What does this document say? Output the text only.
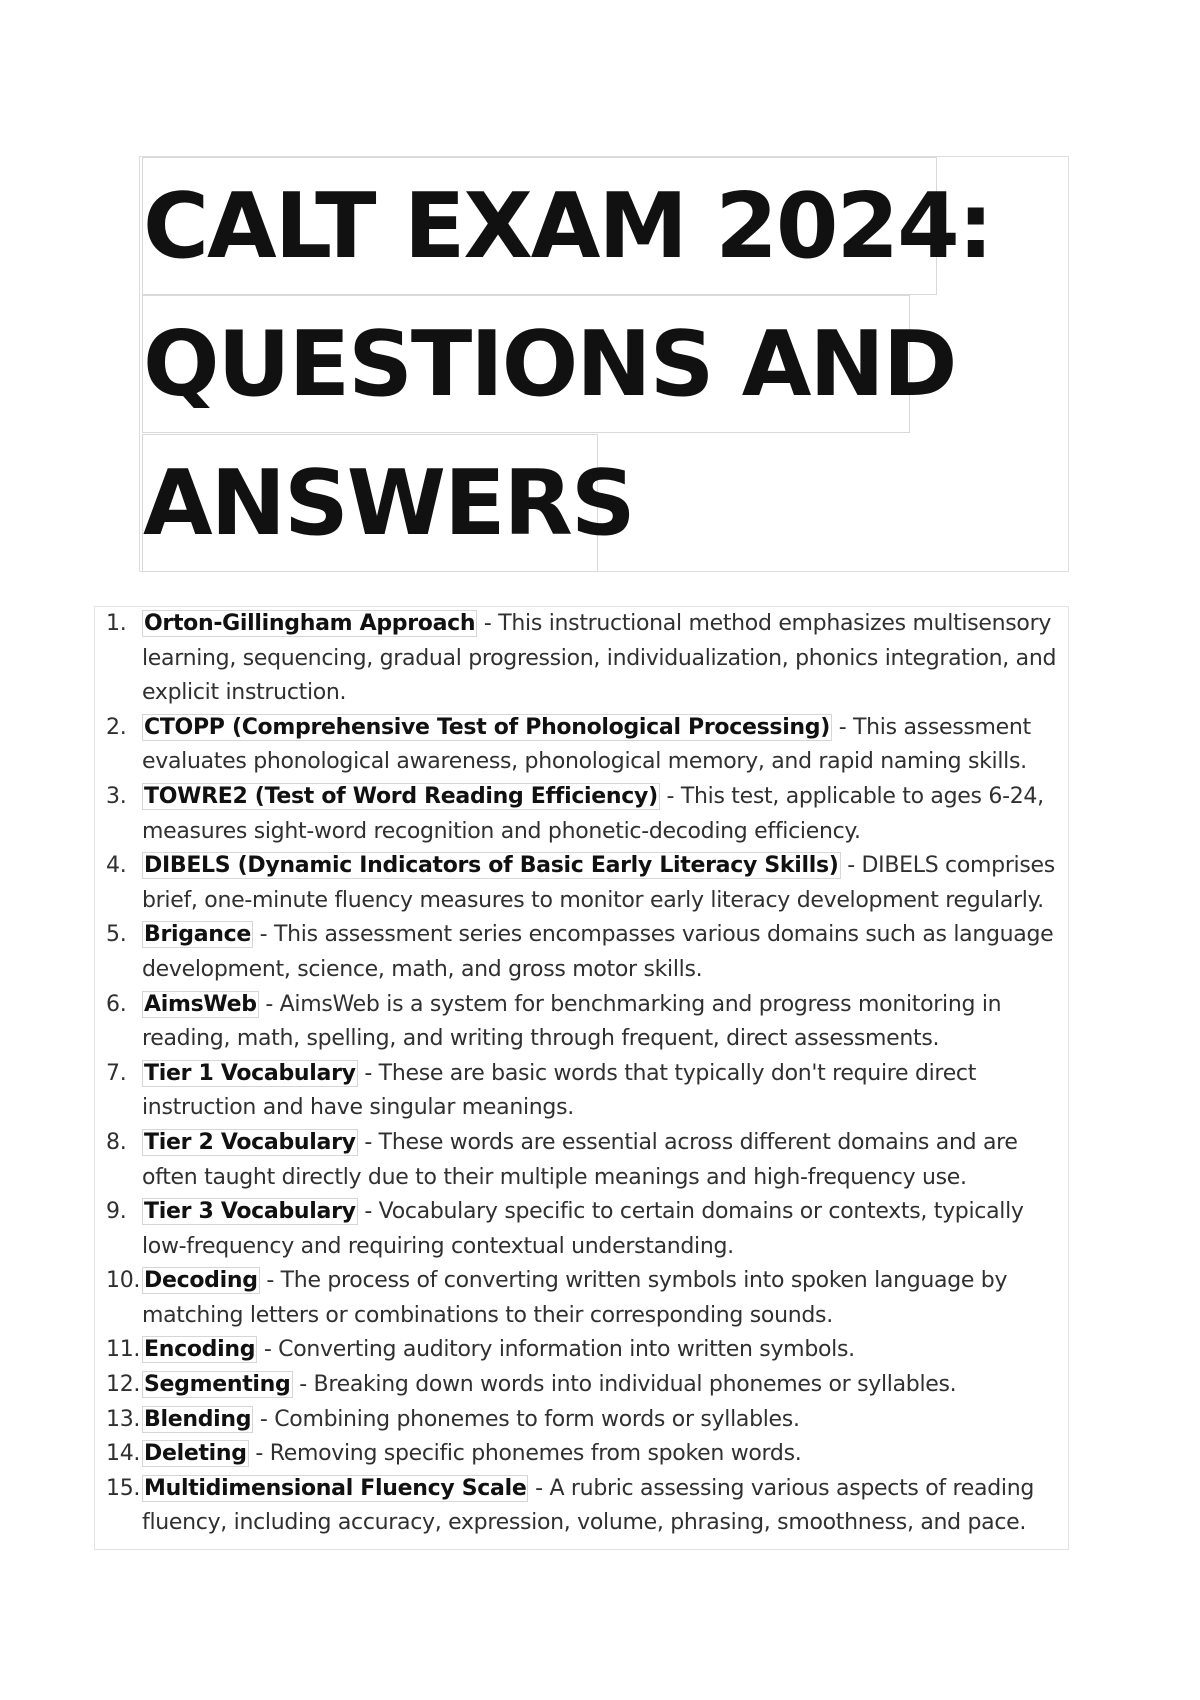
CALT EXAM 2024:
QUESTIONS AND
ANSWERS
1. Orton-Gillingham Approach - This instructional method emphasizes multisensory learning, sequencing, gradual progression, individualization, phonics integration, and explicit instruction.
2. CTOPP (Comprehensive Test of Phonological Processing) - This assessment evaluates phonological awareness, phonological memory, and rapid naming skills.
3. TOWRE2 (Test of Word Reading Efficiency) - This test, applicable to ages 6-24, measures sight-word recognition and phonetic-decoding efficiency.
4. DIBELS (Dynamic Indicators of Basic Early Literacy Skills) - DIBELS comprises brief, one-minute fluency measures to monitor early literacy development regularly.
5. Brigance - This assessment series encompasses various domains such as language development, science, math, and gross motor skills.
6. AimsWeb - AimsWeb is a system for benchmarking and progress monitoring in reading, math, spelling, and writing through frequent, direct assessments.
7. Tier 1 Vocabulary - These are basic words that typically don't require direct instruction and have singular meanings.
8. Tier 2 Vocabulary - These words are essential across different domains and are often taught directly due to their multiple meanings and high-frequency use.
9. Tier 3 Vocabulary - Vocabulary specific to certain domains or contexts, typically low-frequency and requiring contextual understanding.
10. Decoding - The process of converting written symbols into spoken language by matching letters or combinations to their corresponding sounds.
11. Encoding - Converting auditory information into written symbols.
12. Segmenting - Breaking down words into individual phonemes or syllables.
13. Blending - Combining phonemes to form words or syllables.
14. Deleting - Removing specific phonemes from spoken words.
15. Multidimensional Fluency Scale - A rubric assessing various aspects of reading fluency, including accuracy, expression, volume, phrasing, smoothness, and pace.
